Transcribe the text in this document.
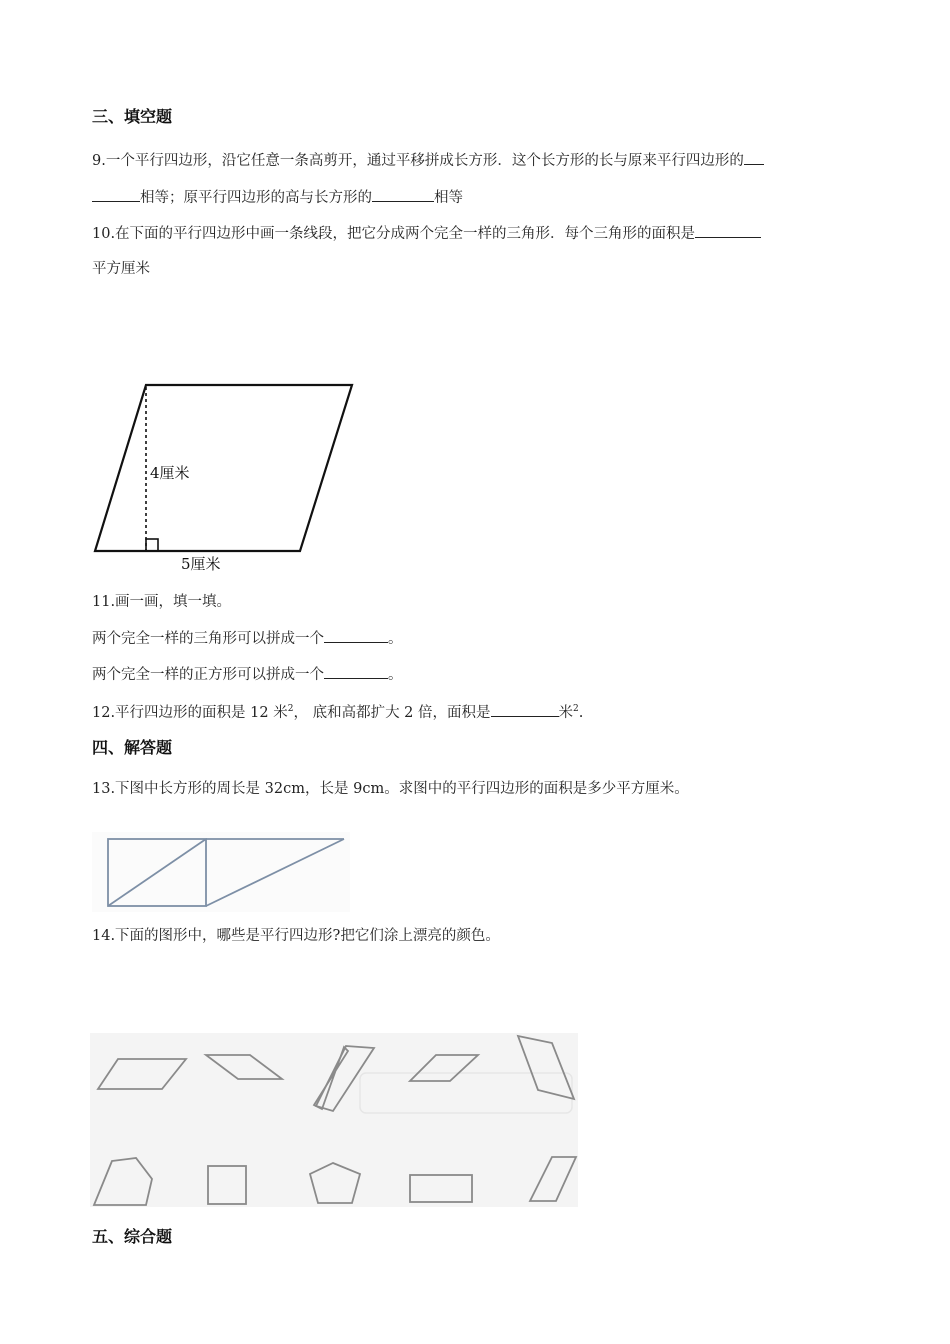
三、填空题
9.一个平行四边形，沿它任意一条高剪开，通过平移拼成长方形．这个长方形的长与原来平行四边形的
相等；原平行四边形的高与长方形的	相等
10.在下面的平行四边形中画一条线段，把它分成两个完全一样的三角形．每个三角形的面积是
平方厘米
4厘米
5厘米
11.画一画，填一填。
两个完全一样的三角形可以拼成一个	。
两个完全一样的正方形可以拼成一个	。
12.平行四边形的面积是 12 米$^2$， 底和高都扩大 2 倍，面积是	米$^2$.
四、解答题
13.下图中长方形的周长是 32cm，长是 9cm。求图中的平行四边形的面积是多少平方厘米。
14.下面的图形中，哪些是平行四边形?把它们涂上漂亮的颜色。
五、综合题
